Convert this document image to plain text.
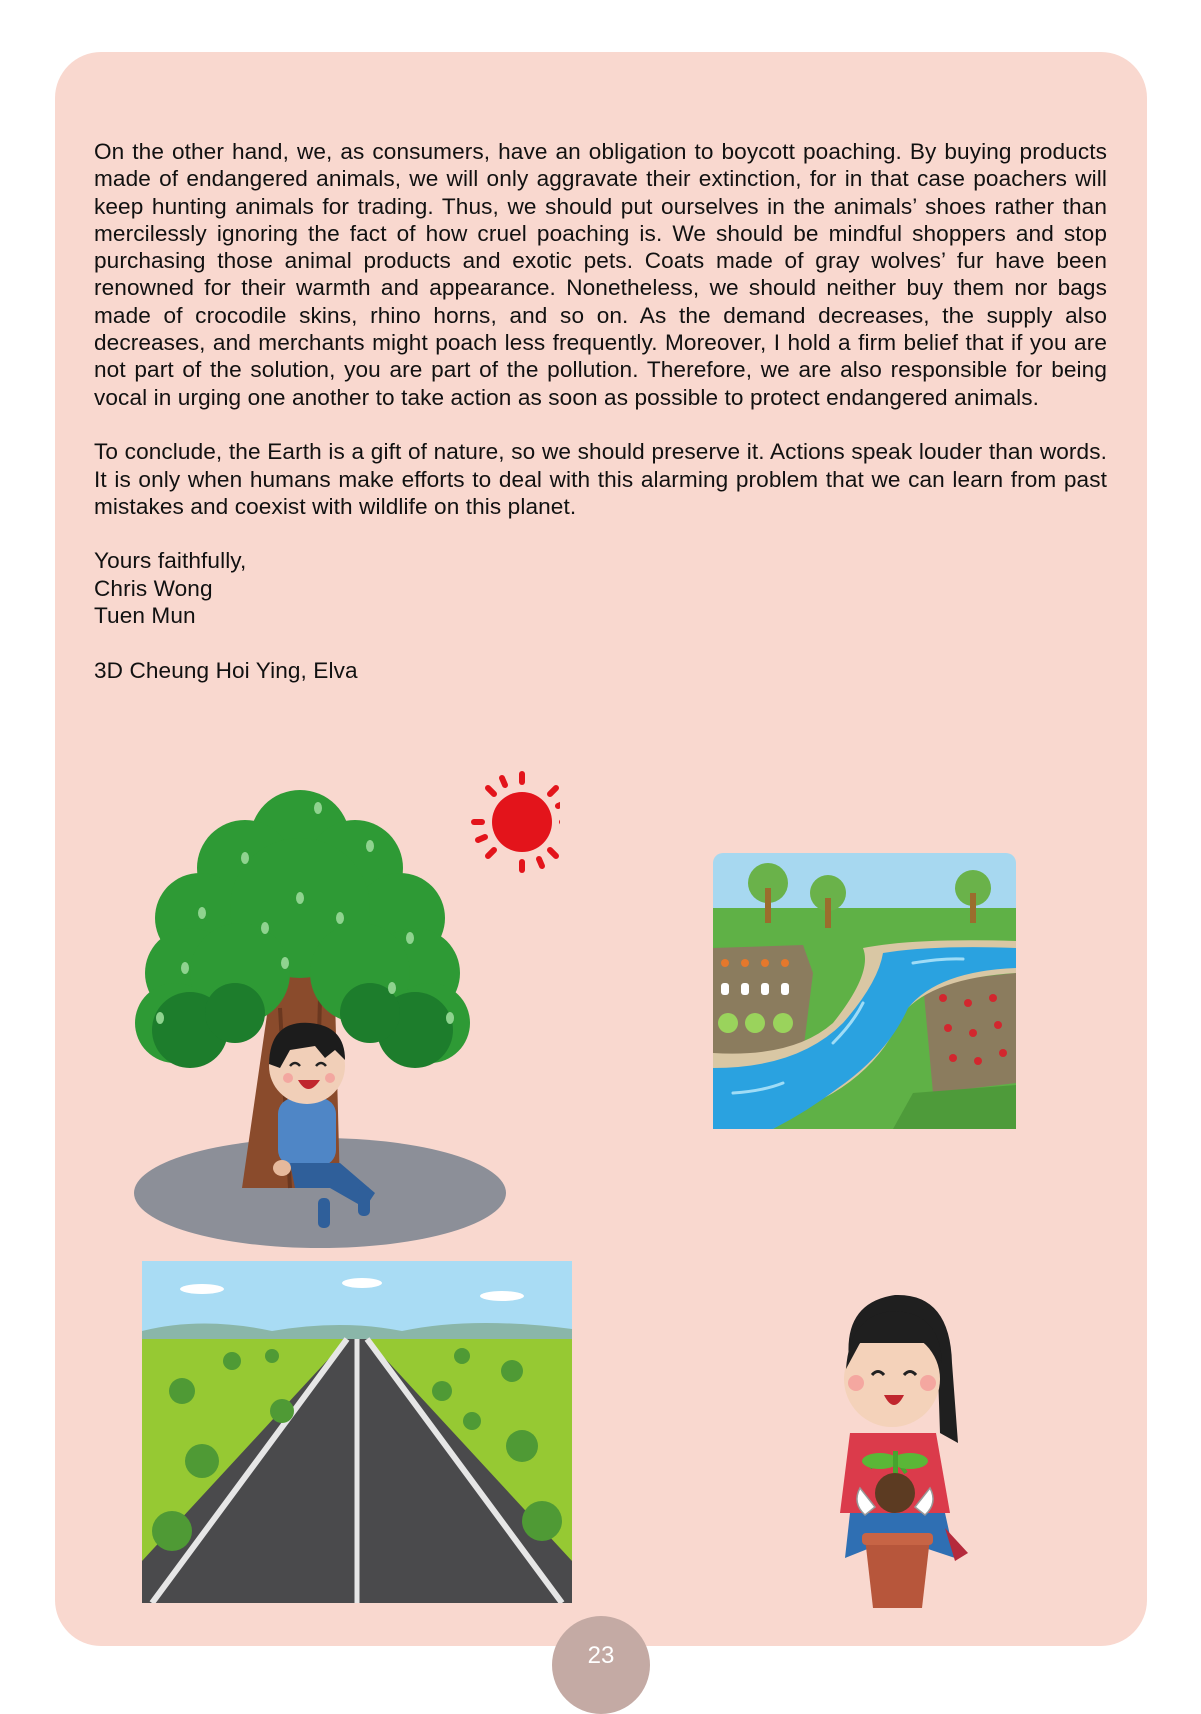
On the other hand, we, as consumers, have an obligation to boycott poaching. By buying products made of endangered animals, we will only aggravate their extinction, for in that case poachers will keep hunting animals for trading. Thus, we should put ourselves in the animals’ shoes rather than mercilessly ignoring the fact of how cruel poaching is. We should be mindful shoppers and stop purchasing those animal products and exotic pets. Coats made of gray wolves’ fur have been renowned for their warmth and appearance. Nonetheless, we should neither buy them nor bags made of crocodile skins, rhino horns, and so on. As the demand decreases, the supply also decreases, and merchants might poach less frequently. Moreover, I hold a firm belief that if you are not part of the solution, you are part of the pollution. Therefore, we are also responsible for being vocal in urging one another to take action as soon as possible to protect endangered animals.

To conclude, the Earth is a gift of nature, so we should preserve it. Actions speak louder than words. It is only when humans make efforts to deal with this alarming problem that we can learn from past mistakes and coexist with wildlife on this planet.

Yours faithfully,
Chris Wong
Tuen Mun

3D Cheung Hoi Ying, Elva

23
